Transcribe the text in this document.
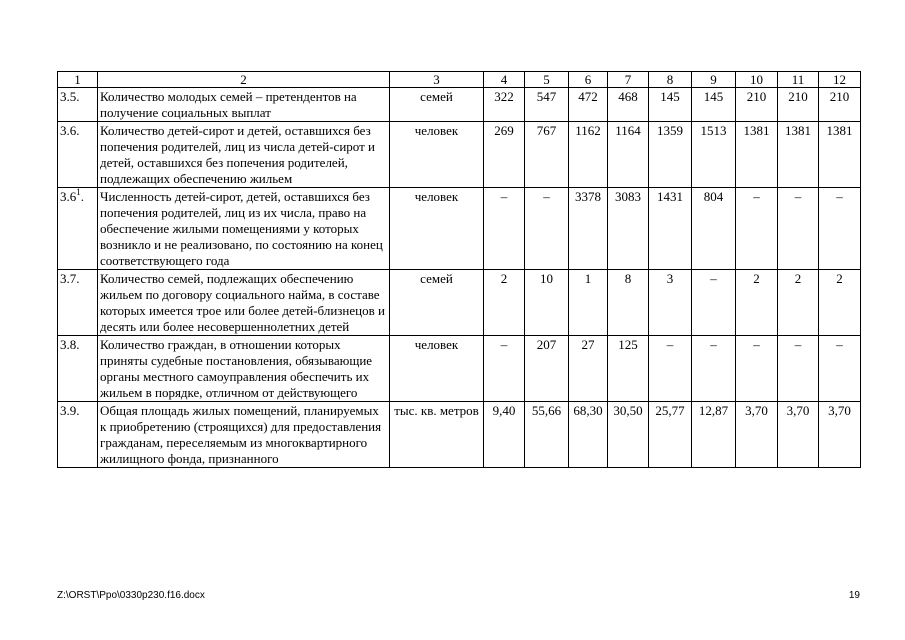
1	2	3	4	5	6	7	8	9	10	11	12
3.5.	Количество молодых семей – претендентов на получение социальных выплат	семей	322	547	472	468	145	145	210	210	210
3.6.	Количество детей-сирот и детей, оставшихся без попечения родителей, лиц из числа детей-сирот и детей, оставшихся без попечения родителей, подлежащих обеспечению жильем	человек	269	767	1162	1164	1359	1513	1381	1381	1381
$3.6^1$.	Численность детей-сирот, детей, оставшихся без попечения родителей, лиц из их числа, право на обеспечение жилыми помещениями у которых возникло и не реализовано, по состоянию на конец соответствующего года	человек	–	–	3378	3083	1431	804	–	–	–
3.7.	Количество семей, подлежащих обеспечению жильем по договору социального найма, в составе которых имеется трое или более детей-близнецов и десять или более несовершеннолетних детей	семей	2	10	1	8	3	–	2	2	2
3.8.	Количество граждан, в отношении которых приняты судебные постановления, обязывающие органы местного самоуправления обеспечить их жильем в порядке, отличном от действующего	человек	–	207	27	125	–	–	–	–	–
3.9.	Общая площадь жилых помещений, планируемых к приобретению (строящихся) для предоставления гражданам, переселяемым из многоквартирного жилищного фонда, признанного	тыс. кв. метров	9,40	55,66	68,30	30,50	25,77	12,87	3,70	3,70	3,70
Z:\ORST\Ppo\0330p230.f16.docx	19
